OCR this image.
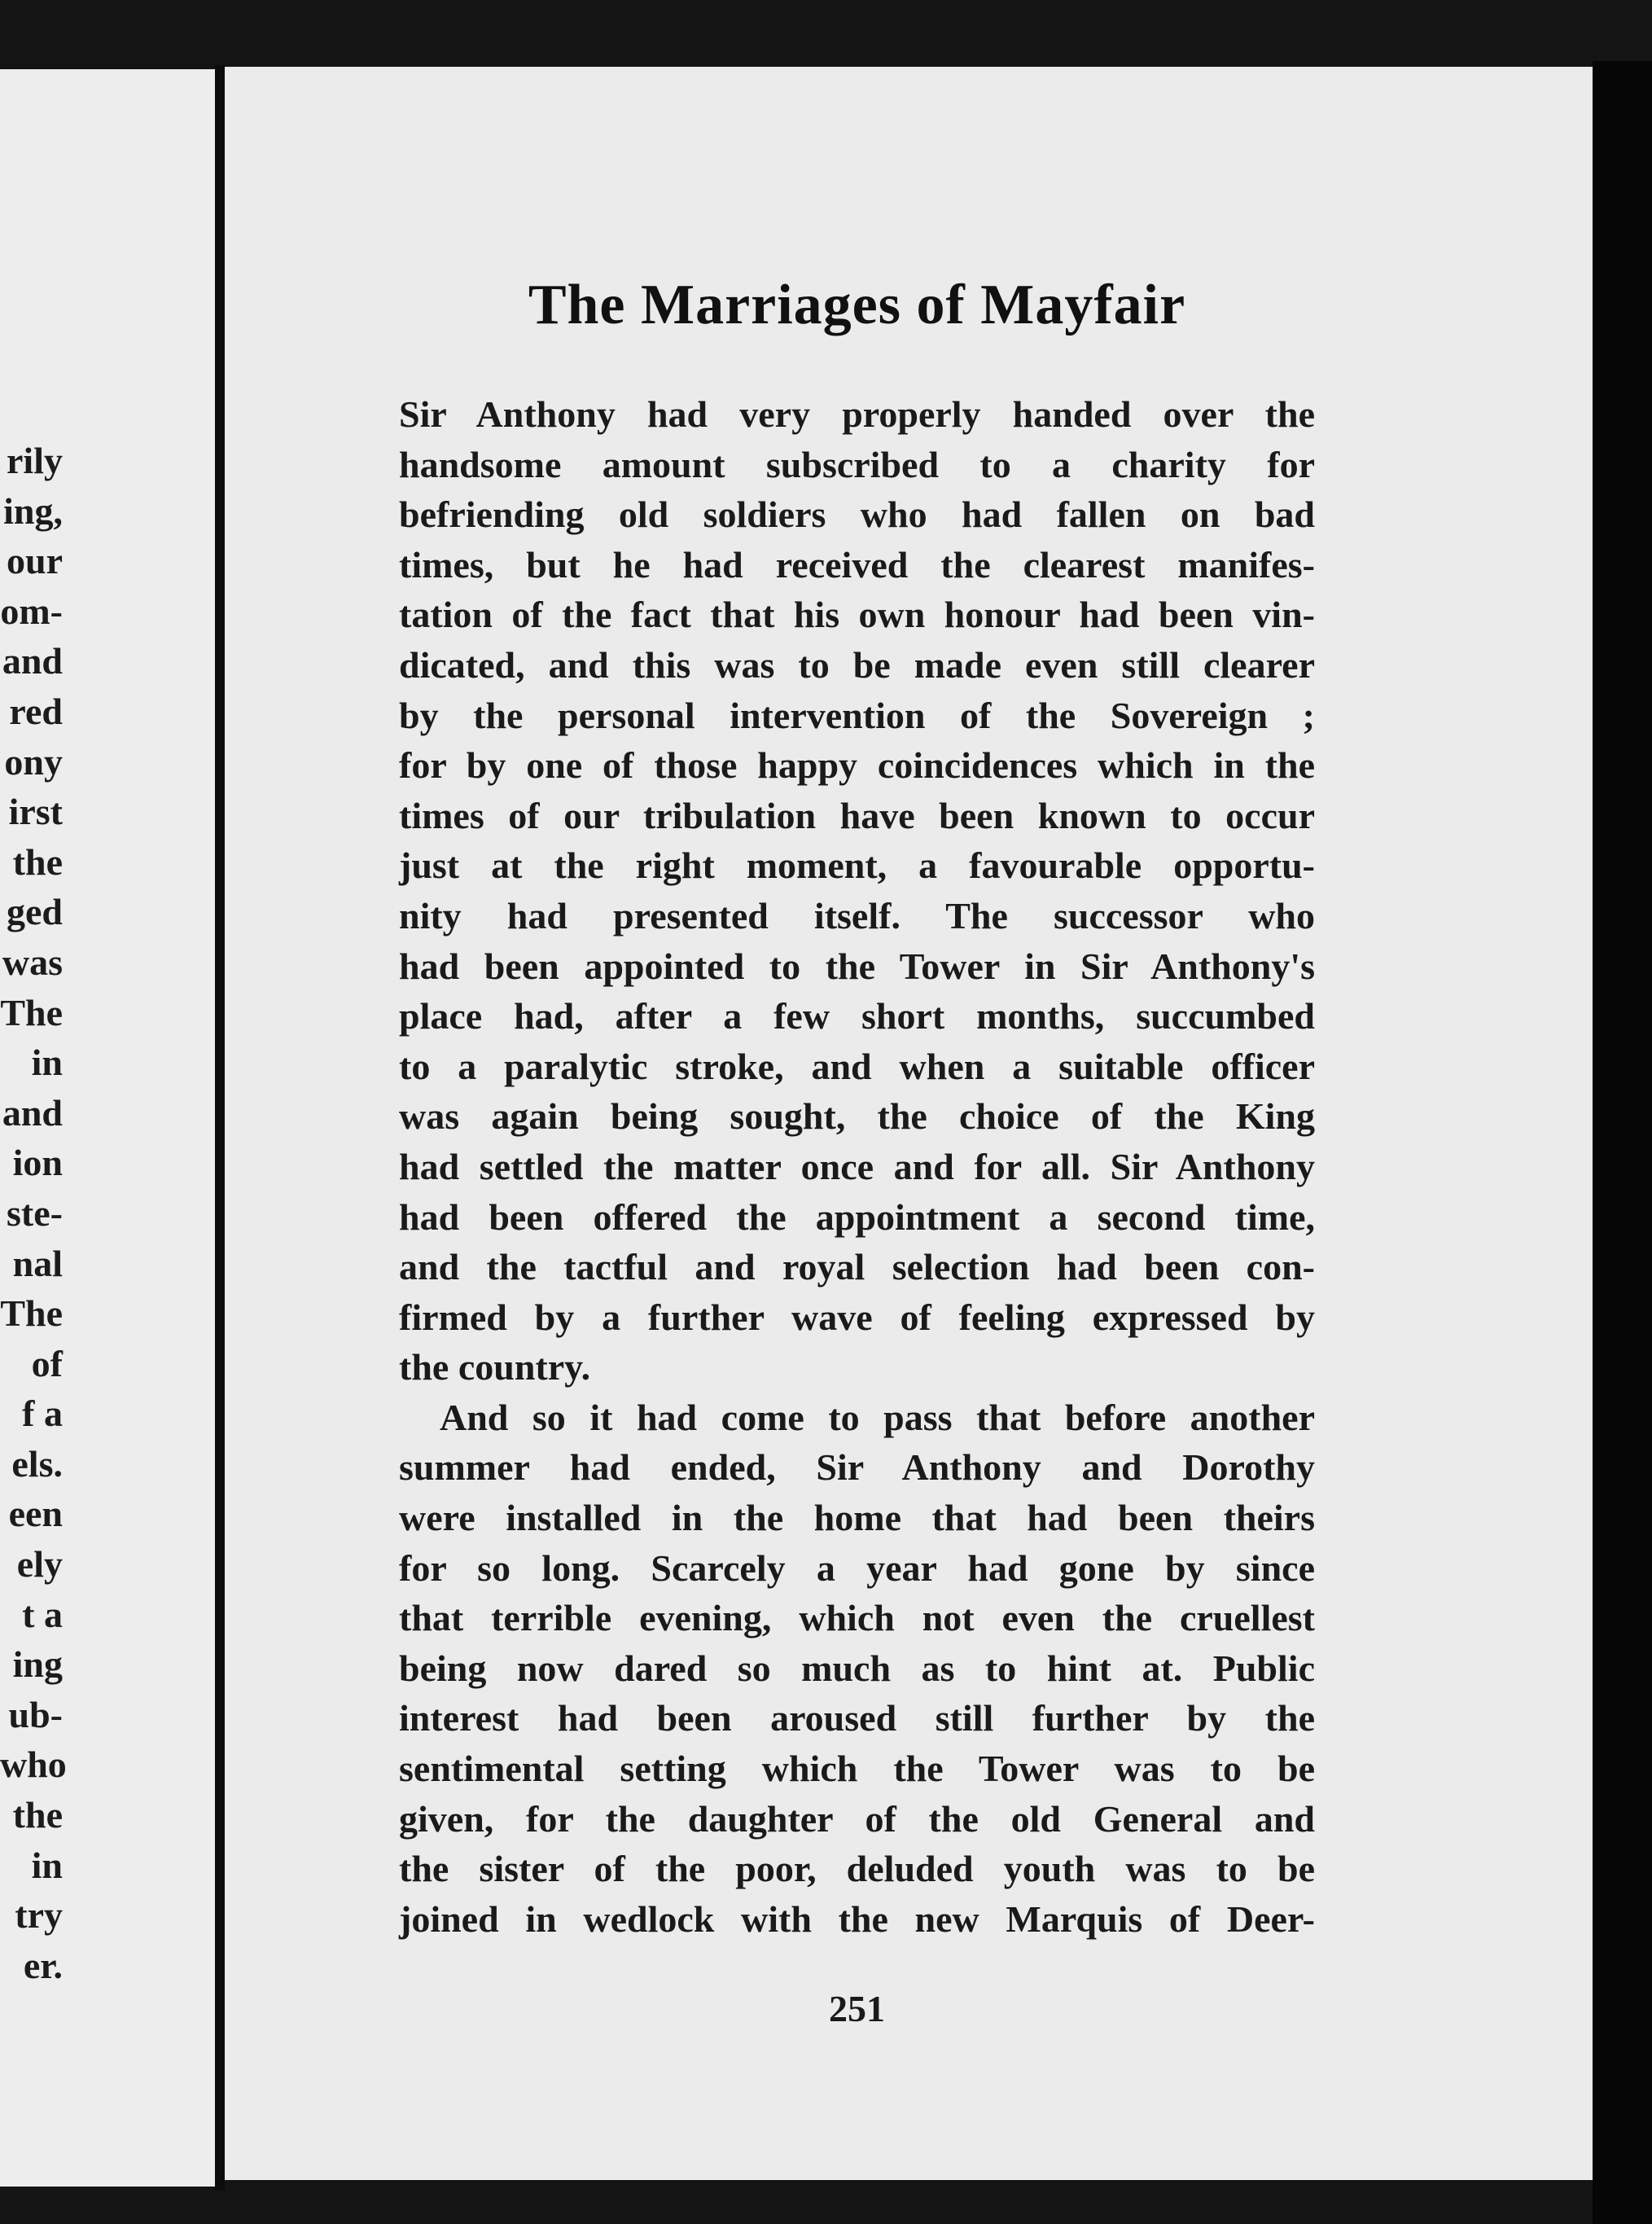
rily
ing,
our
om-
and
red
ony
irst
the
ged
was
The
in
and
ion
ste-
nal
The
of
f a
els.
een
ely
t a
ing
ub-
who
the
in
try
er.
The Marriages of Mayfair
Sir Anthony had very properly handed over the
handsome amount subscribed to a charity for
befriending old soldiers who had fallen on bad
times, but he had received the clearest manifes-
tation of the fact that his own honour had been vin-
dicated, and this was to be made even still clearer
by the personal intervention of the Sovereign ;
for by one of those happy coincidences which in the
times of our tribulation have been known to occur
just at the right moment, a favourable opportu-
nity had presented itself. The successor who
had been appointed to the Tower in Sir Anthony's
place had, after a few short months, succumbed
to a paralytic stroke, and when a suitable officer
was again being sought, the choice of the King
had settled the matter once and for all. Sir Anthony
had been offered the appointment a second time,
and the tactful and royal selection had been con-
firmed by a further wave of feeling expressed by
the country.
And so it had come to pass that before another
summer had ended, Sir Anthony and Dorothy
were installed in the home that had been theirs
for so long. Scarcely a year had gone by since
that terrible evening, which not even the cruellest
being now dared so much as to hint at. Public
interest had been aroused still further by the
sentimental setting which the Tower was to be
given, for the daughter of the old General and
the sister of the poor, deluded youth was to be
joined in wedlock with the new Marquis of Deer-
251
